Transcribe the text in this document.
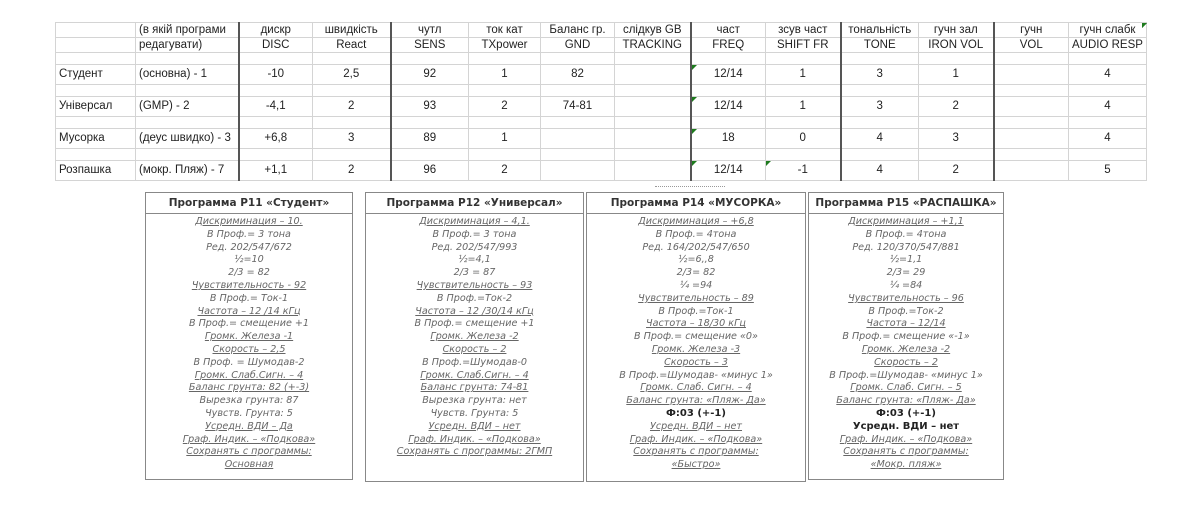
	(в якій програми	дискр	швидкість	чутл	ток кат	Баланс гр.	слідкув GB	част	зсув част	тональність	гучн зал	гучн	гучн слабк
	редагувати)	DISC	React	SENS	TXpower	GND	TRACKING	FREQ	SHIFT FR	TONE	IRON VOL	VOL	AUDIO RESP

Студент	(основна) - 1	-10	2,5	92	1	82		12/14	1	3	1		4

Універсал	(GMP) - 2	-4,1	2	93	2	74-81		12/14	1	3	2		4

Мусорка	(деус швидко) - 3	+6,8	3	89	1			18	0	4	3		4

Розпашка	(мокр. Пляж) - 7	+1,1	2	96	2			12/14	-1	4	2		5
Программа Р11 «Студент»
Дискриминация – 10.
В Проф.= 3 тона
Ред. 202/547/672
½=10
2/3 = 82
Чувствительность - 92
В Проф.= Ток-1
Частота – 12 /14 кГц
В Проф.= смещение +1
Громк. Железа -1
Скорость – 2,5
В Проф. = Шумодав-2
Громк. Слаб.Сигн. – 4
Баланс грунта: 82 (+-3)
Вырезка грунта: 87
Чувств. Грунта: 5
Усредн. ВДИ – Да
Граф. Индик. – «Подкова»
Сохранять с программы:
Основная
Программа Р12 «Универсал»
Дискриминация – 4,1.
В Проф.= 3 тона
Ред. 202/547/993
½=4,1
2/3 = 87
Чувствительность – 93
В Проф.=Ток-2
Частота – 12 /30/14 кГц
В Проф.= смещение +1
Громк. Железа -2
Скорость – 2
В Проф.=Шумодав-0
Громк. Слаб.Сигн. – 4
Баланс грунта: 74-81
Вырезка грунта: нет
Чувств. Грунта: 5
Усредн. ВДИ – нет
Граф. Индик. – «Подкова»
Сохранять с программы: 2ГМП
Программа Р14 «МУСОРКА»
Дискриминация – +6,8
В Проф.= 4тона
Ред. 164/202/547/650
½=6,,8
2/3= 82
¼ =94
Чувствительность – 89
В Проф.=Ток-1
Частота – 18/30 кГц
В Проф.= смещение «0»
Громк. Железа -3
Скорость – 3
В Проф.=Шумодав- «минус 1»
Громк. Слаб. Сигн. – 4
Баланс грунта: «Пляж- Да»
Ф:03 (+-1)
Усредн. ВДИ – нет
Граф. Индик. – «Подкова»
Сохранять с программы:
«Быстро»
Программа Р15 «РАСПАШКА»
Дискриминация – +1,1
В Проф.= 4тона
Ред. 120/370/547/881
½=1,1
2/3= 29
¼ =84
Чувствительность – 96
В Проф.=Ток-2
Частота – 12/14
В Проф.= смещение «-1»
Громк. Железа -2
Скорость – 2
В Проф.=Шумодав- «минус 1»
Громк. Слаб. Сигн. – 5
Баланс грунта: «Пляж- Да»
Ф:03 (+-1)
Усредн. ВДИ – нет
Граф. Индик. – «Подкова»
Сохранять с программы:
«Мокр. пляж»
